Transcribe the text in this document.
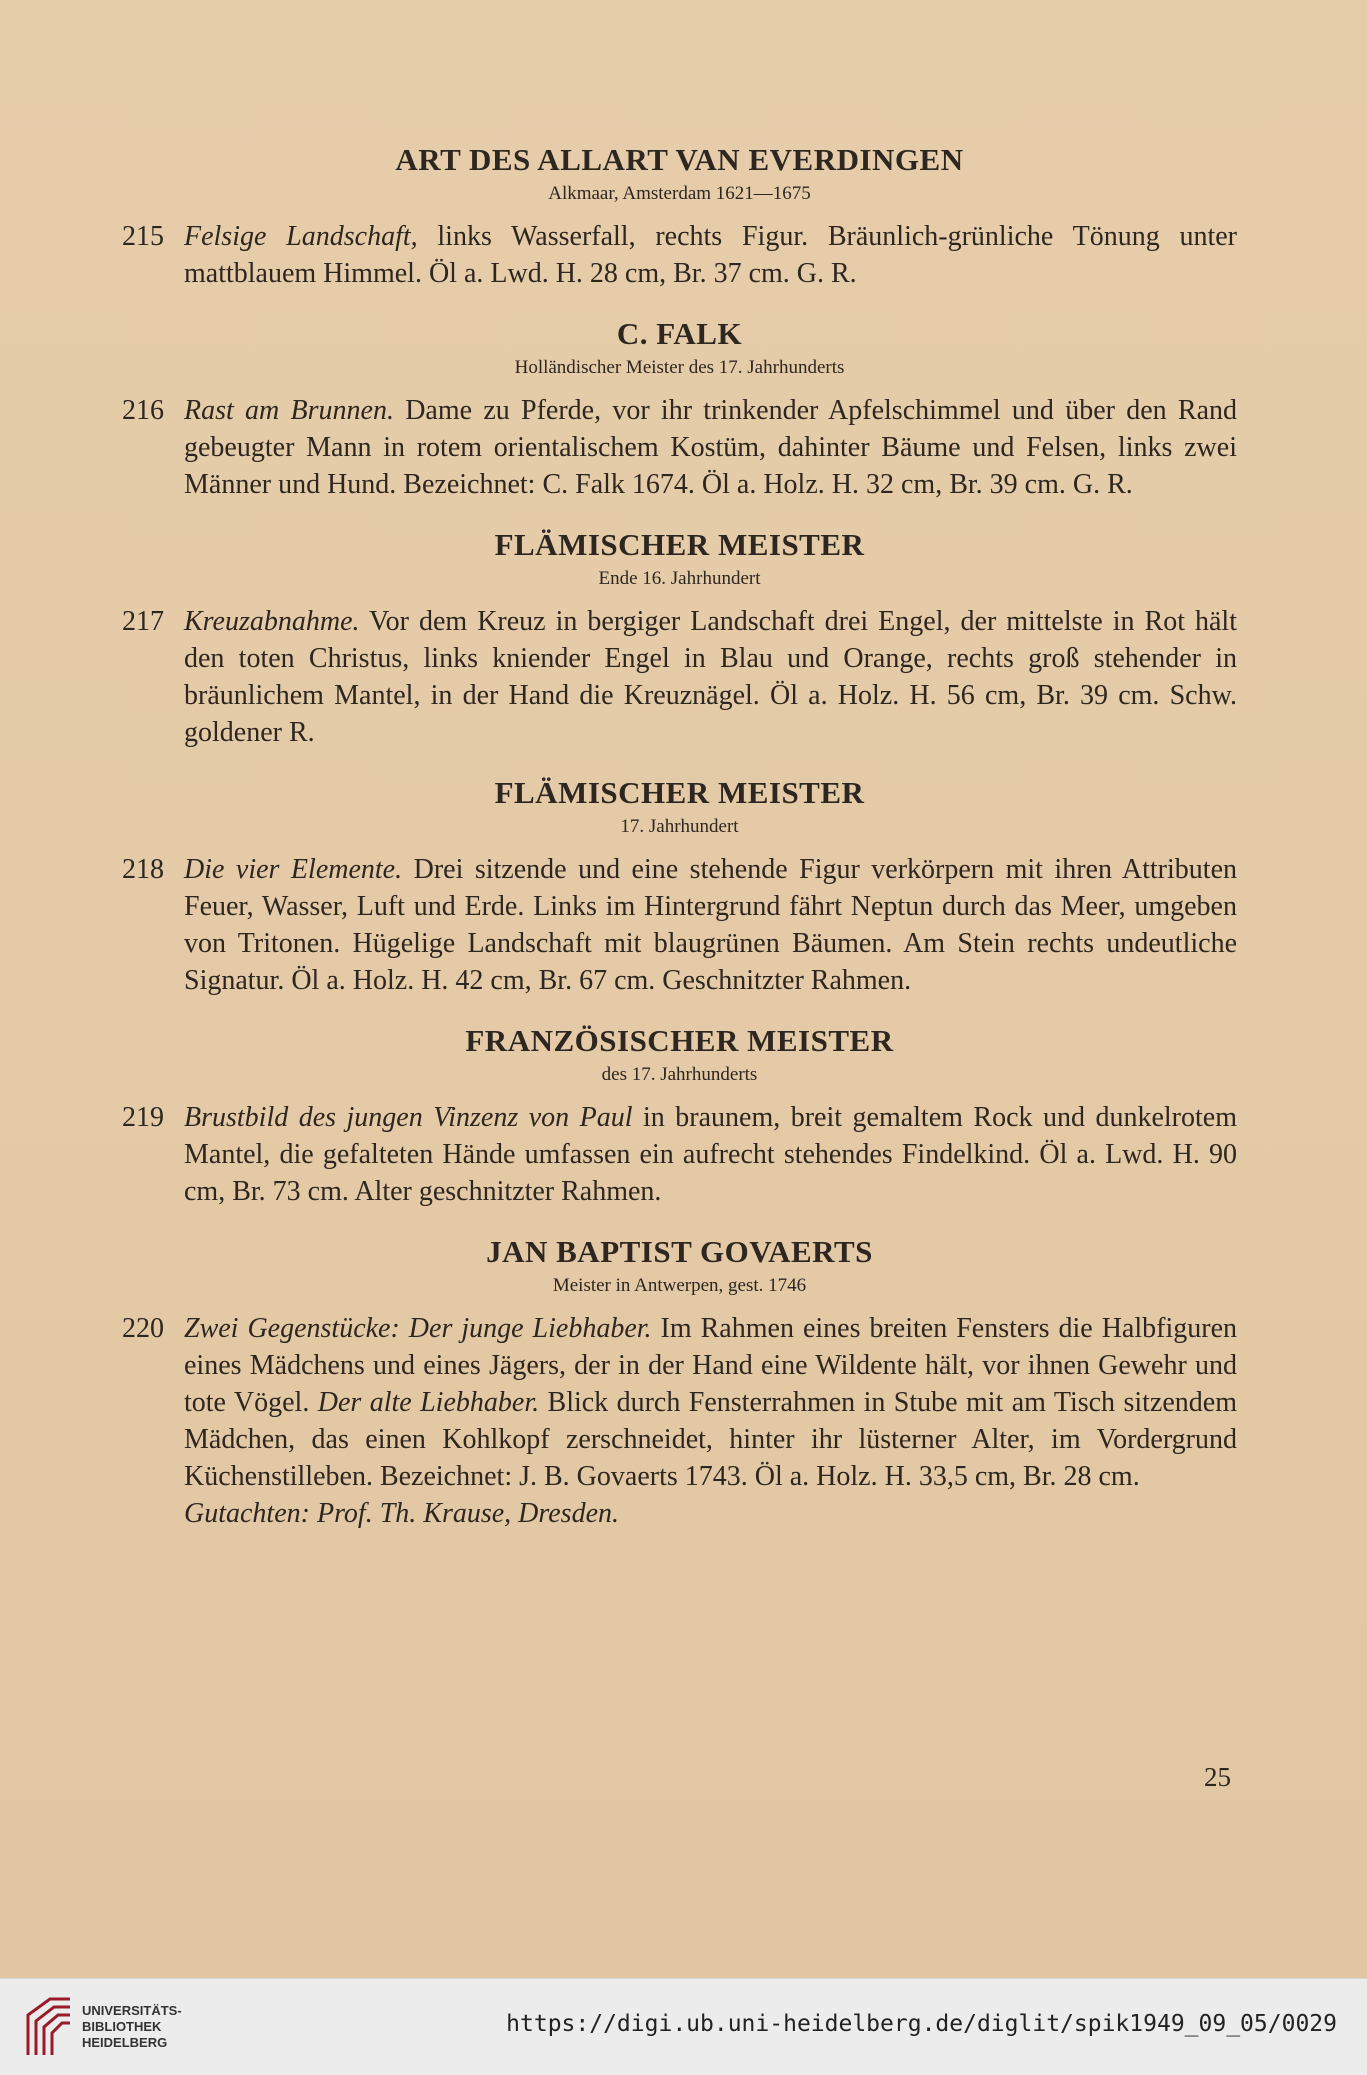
ART DES ALLART VAN EVERDINGEN

Alkmaar, Amsterdam 1621—1675

215 Felsige Landschaft, links Wasserfall, rechts Figur. Bräunlich-grünliche Tönung unter mattblauem Himmel. Öl a. Lwd. H. 28 cm, Br. 37 cm. G. R.
C. FALK

Holländischer Meister des 17. Jahrhunderts

216 Rast am Brunnen. Dame zu Pferde, vor ihr trinkender Apfelschimmel und über den Rand gebeugter Mann in rotem orientalischem Kostüm, dahinter Bäume und Felsen, links zwei Männer und Hund. Bezeichnet: C. Falk 1674. Öl a. Holz. H. 32 cm, Br. 39 cm. G. R.
FLÄMISCHER MEISTER

Ende 16. Jahrhundert

217 Kreuzabnahme. Vor dem Kreuz in bergiger Landschaft drei Engel, der mittelste in Rot hält den toten Christus, links kniender Engel in Blau und Orange, rechts groß stehender in bräunlichem Mantel, in der Hand die Kreuznägel. Öl a. Holz. H. 56 cm, Br. 39 cm. Schw. goldener R.
FLÄMISCHER MEISTER

17. Jahrhundert

218 Die vier Elemente. Drei sitzende und eine stehende Figur verkörpern mit ihren Attributen Feuer, Wasser, Luft und Erde. Links im Hintergrund fährt Neptun durch das Meer, umgeben von Tritonen. Hügelige Landschaft mit blaugrünen Bäumen. Am Stein rechts undeutliche Signatur. Öl a. Holz. H. 42 cm, Br. 67 cm. Geschnitzter Rahmen.
FRANZÖSISCHER MEISTER

des 17. Jahrhunderts

219 Brustbild des jungen Vinzenz von Paul in braunem, breit gemaltem Rock und dunkelrotem Mantel, die gefalteten Hände umfassen ein aufrecht stehendes Findelkind. Öl a. Lwd. H. 90 cm, Br. 73 cm. Alter geschnitzter Rahmen.
JAN BAPTIST GOVAERTS

Meister in Antwerpen, gest. 1746

220 Zwei Gegenstücke: Der junge Liebhaber. Im Rahmen eines breiten Fensters die Halbfiguren eines Mädchens und eines Jägers, der in der Hand eine Wildente hält, vor ihnen Gewehr und tote Vögel. Der alte Liebhaber. Blick durch Fensterrahmen in Stube mit am Tisch sitzendem Mädchen, das einen Kohlkopf zerschneidet, hinter ihr lüsterner Alter, im Vordergrund Küchenstilleben. Bezeichnet: J. B. Govaerts 1743. Öl a. Holz. H. 33,5 cm, Br. 28 cm.
Gutachten: Prof. Th. Krause, Dresden.
25
UNIVERSITÄTS-
BIBLIOTHEK
HEIDELBERG
https://digi.ub.uni-heidelberg.de/diglit/spik1949_09_05/0029
